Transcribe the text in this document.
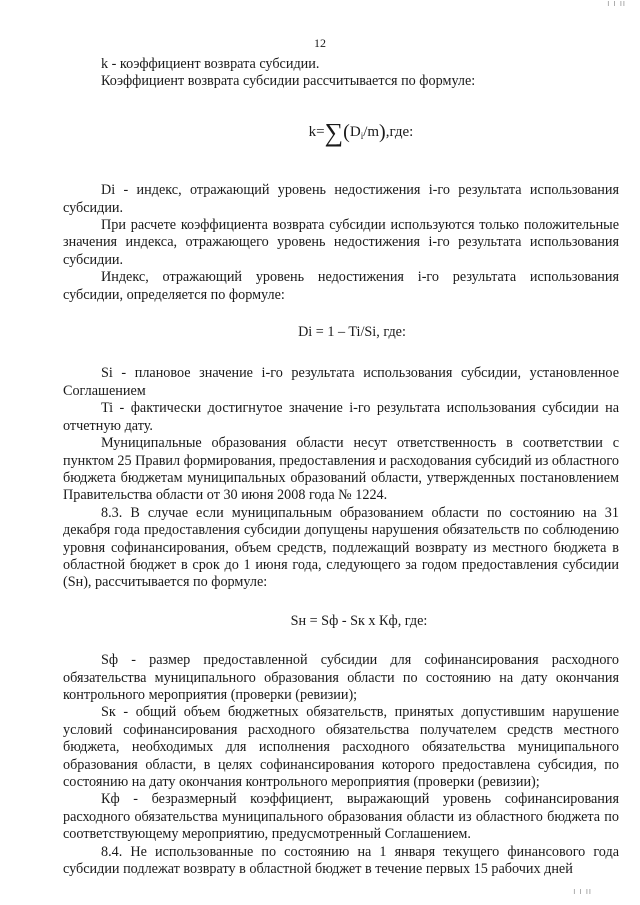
I I II
12

k - коэффициент возврата субсидии.

Коэффициент возврата субсидии рассчитывается по формуле:

$k=\sum(D_i/m),где$:

Di - индекс, отражающий уровень недостижения i-го результата использования субсидии.

При расчете коэффициента возврата субсидии используются только положительные значения индекса, отражающего уровень недостижения i-го результата использования субсидии.

Индекс, отражающий уровень недостижения i-го результата использования субсидии, определяется по формуле:

Di = 1 – Ti/Si, где:

Si - плановое значение i-го результата использования субсидии, установленное Соглашением

Ti - фактически достигнутое значение i-го результата использования субсидии на отчетную дату.

Муниципальные образования области несут ответственность в соответствии с пунктом 25 Правил формирования, предоставления и расходования субсидий из областного бюджета бюджетам муниципальных образований области, утвержденных постановлением Правительства области от 30 июня 2008 года № 1224.

8.3. В случае если муниципальным образованием области по состоянию на 31 декабря года предоставления субсидии допущены нарушения обязательств по соблюдению уровня софинансирования, объем средств, подлежащий возврату из местного бюджета в областной бюджет в срок до 1 июня года, следующего за годом предоставления субсидии (Sн), рассчитывается по формуле:

Sн = Sф - Sк х Кф, где:

Sф - размер предоставленной субсидии для софинансирования расходного обязательства муниципального образования области по состоянию на дату окончания контрольного мероприятия (проверки (ревизии);

Sк - общий объем бюджетных обязательств, принятых допустившим нарушение условий софинансирования расходного обязательства получателем средств местного бюджета, необходимых для исполнения расходного обязательства муниципального образования области, в целях софинансирования которого предоставлена субсидия, по состоянию на дату окончания контрольного мероприятия (проверки (ревизии);

Кф - безразмерный коэффициент, выражающий уровень софинансирования расходного обязательства муниципального образования области из областного бюджета по соответствующему мероприятию, предусмотренный Соглашением.

8.4. Не использованные по состоянию на 1 января текущего финансового года субсидии подлежат возврату в областной бюджет в течение первых 15 рабочих дней

I I II
